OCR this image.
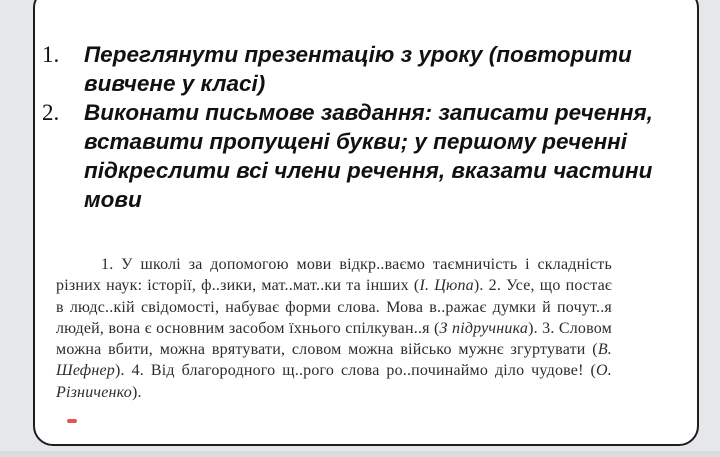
1. Переглянути презентацію з уроку (повторити вивчене у класі)
2. Виконати письмове завдання: записати речення, вставити пропущені букви; у першому реченні підкреслити всі члени речення, вказати частини мови

1. У школі за допомогою мови відкр..ваємо таємничість і складність різних наук: історії, ф..зики, мат..мат..ки та інших (І. Цюпа). 2. Усе, що постає в людс..кій свідомості, набуває форми слова. Мова в..ражає думки й почут..я людей, вона є основним засобом їхнього спілкуван..я (З підручника). 3. Словом можна вбити, можна врятувати, словом можна військо мужнє згуртувати (В. Шефнер). 4. Від благородного щ..рого слова ро..починаймо діло чудове! (О. Різниченко).
